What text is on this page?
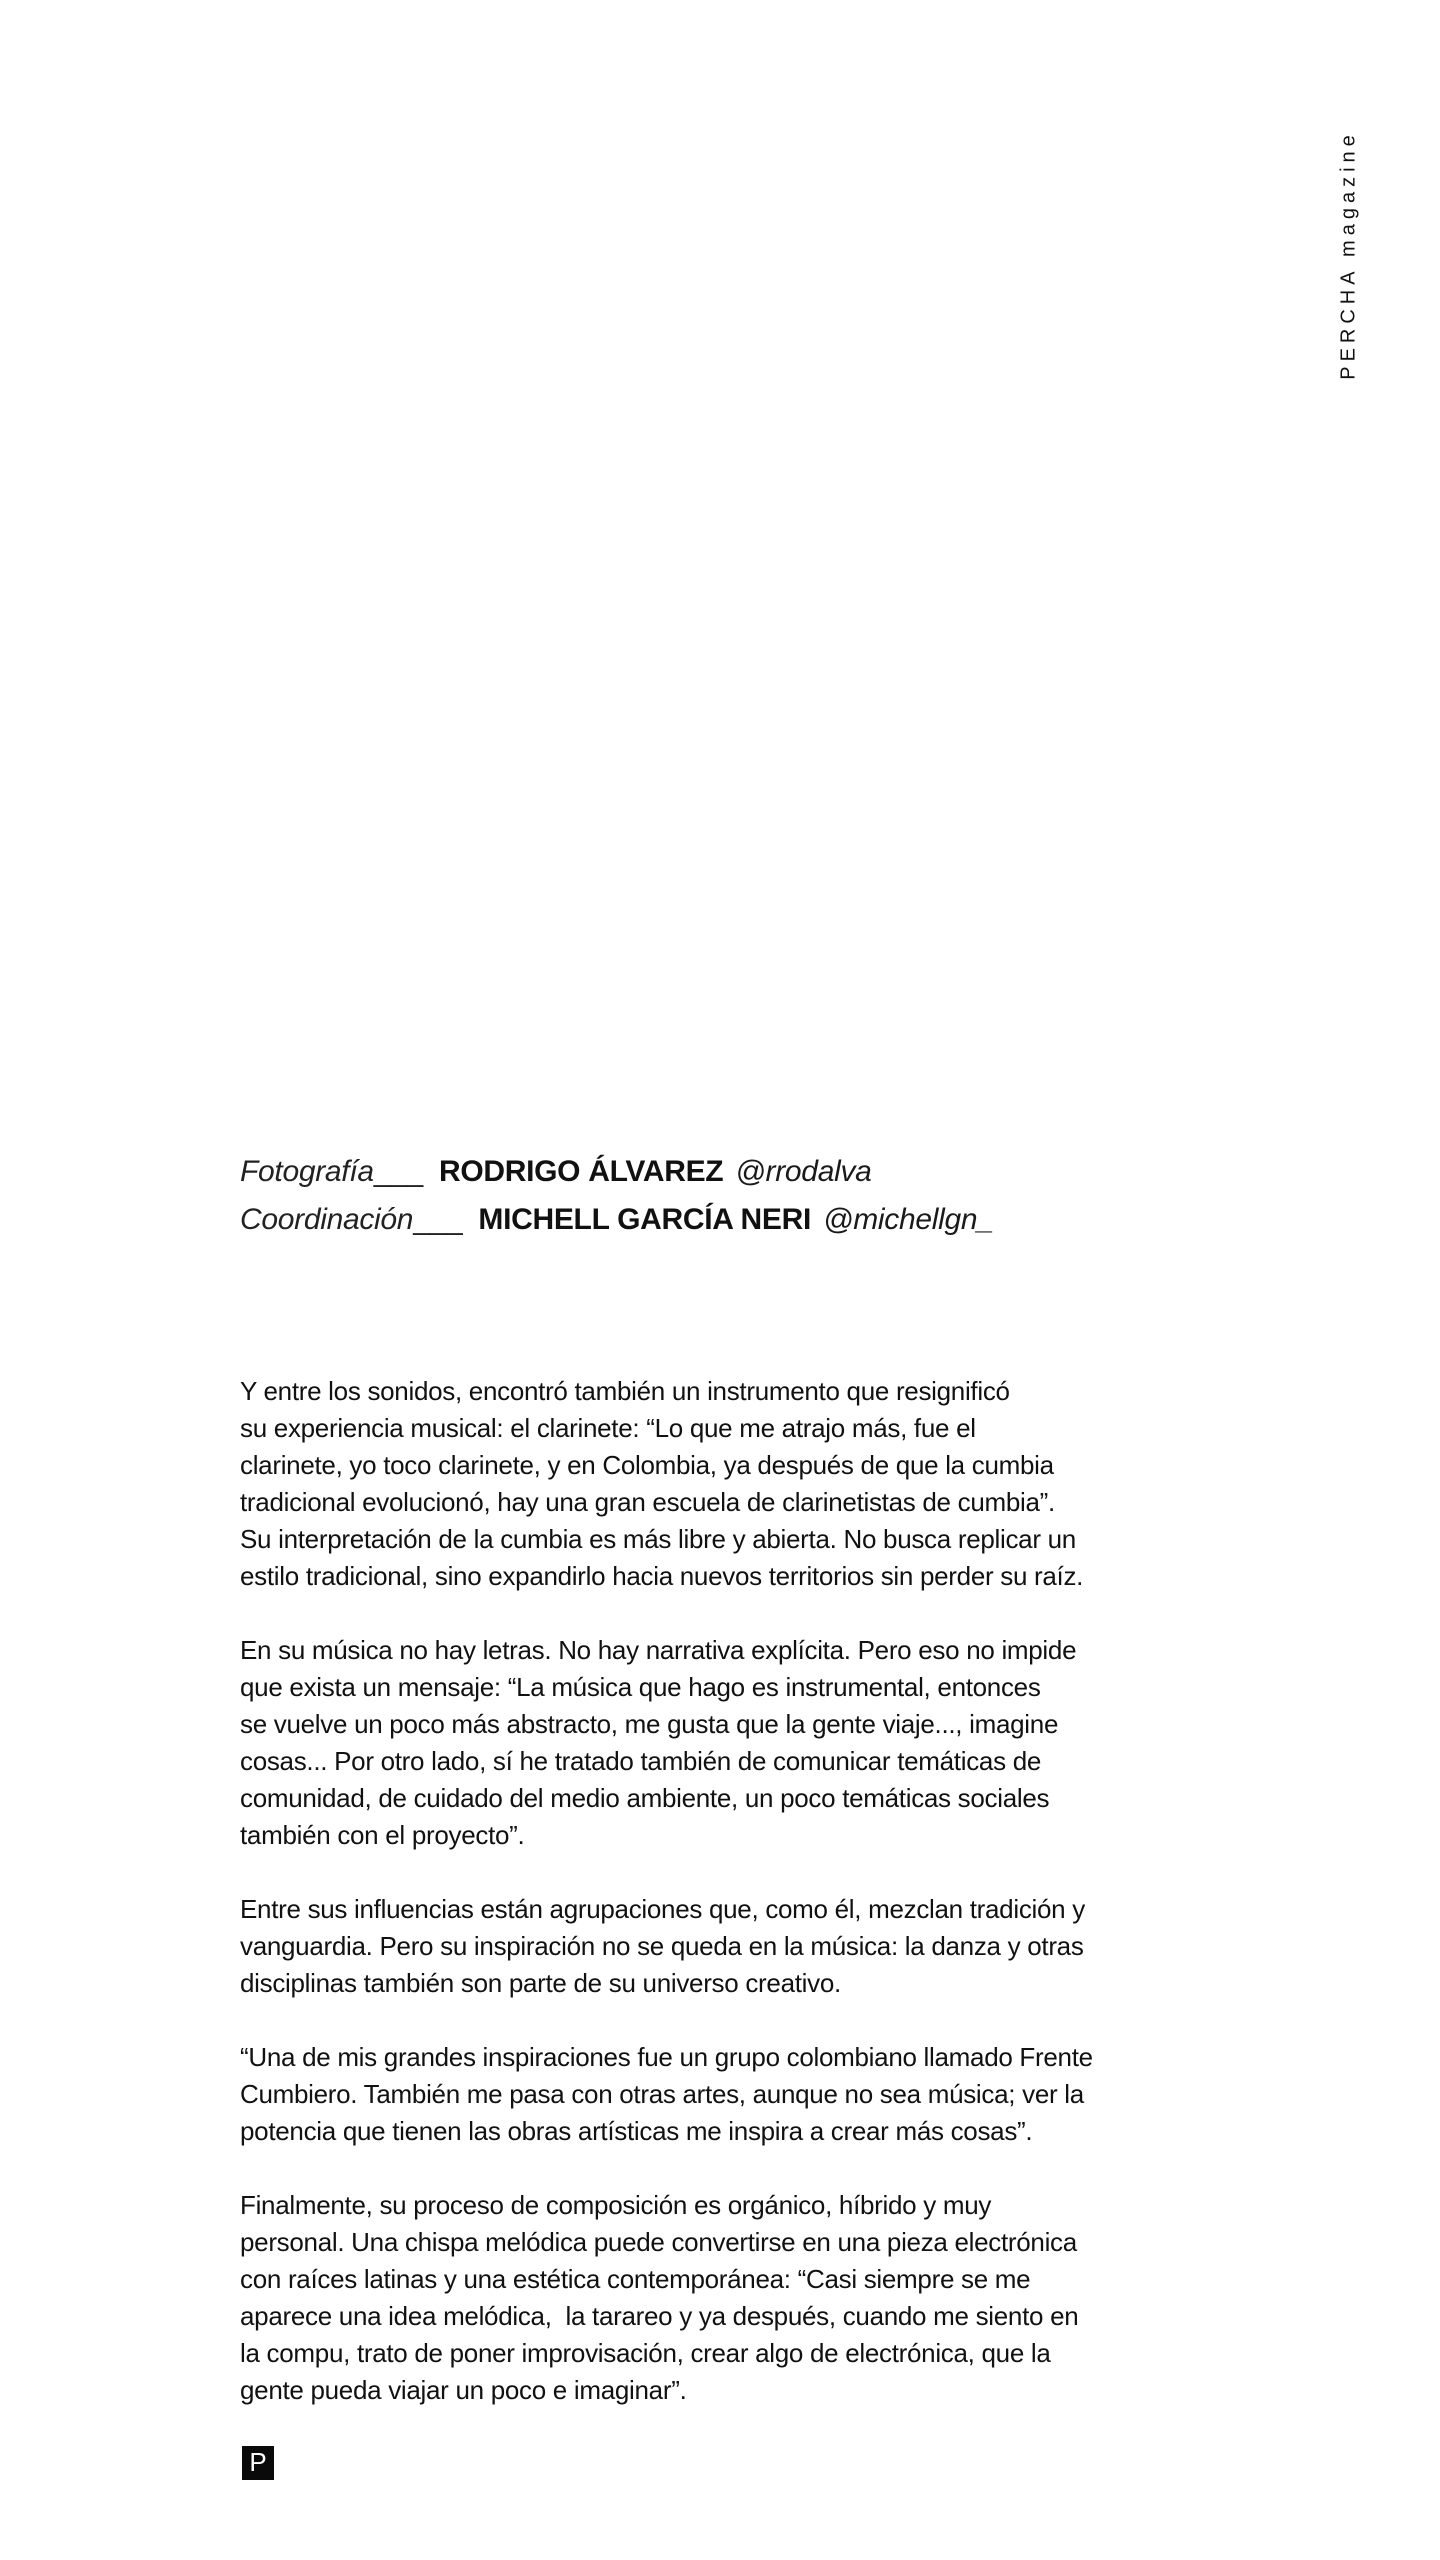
PERCHA magazine
Fotografía___ RODRIGO ÁLVAREZ @rrodalva
Coordinación___ MICHELL GARCÍA NERI @michellgn_
Y entre los sonidos, encontró también un instrumento que resignificó
su experiencia musical: el clarinete: “Lo que me atrajo más, fue el
clarinete, yo toco clarinete, y en Colombia, ya después de que la cumbia
tradicional evolucionó, hay una gran escuela de clarinetistas de cumbia”.
Su interpretación de la cumbia es más libre y abierta. No busca replicar un
estilo tradicional, sino expandirlo hacia nuevos territorios sin perder su raíz.
En su música no hay letras. No hay narrativa explícita. Pero eso no impide
que exista un mensaje: “La música que hago es instrumental, entonces
se vuelve un poco más abstracto, me gusta que la gente viaje..., imagine
cosas... Por otro lado, sí he tratado también de comunicar temáticas de
comunidad, de cuidado del medio ambiente, un poco temáticas sociales
también con el proyecto”.
Entre sus influencias están agrupaciones que, como él, mezclan tradición y
vanguardia. Pero su inspiración no se queda en la música: la danza y otras
disciplinas también son parte de su universo creativo.
“Una de mis grandes inspiraciones fue un grupo colombiano llamado Frente
Cumbiero. También me pasa con otras artes, aunque no sea música; ver la
potencia que tienen las obras artísticas me inspira a crear más cosas”.
Finalmente, su proceso de composición es orgánico, híbrido y muy
personal. Una chispa melódica puede convertirse en una pieza electrónica
con raíces latinas y una estética contemporánea: “Casi siempre se me
aparece una idea melódica,  la tarareo y ya después, cuando me siento en
la compu, trato de poner improvisación, crear algo de electrónica, que la
gente pueda viajar un poco e imaginar”.
P
